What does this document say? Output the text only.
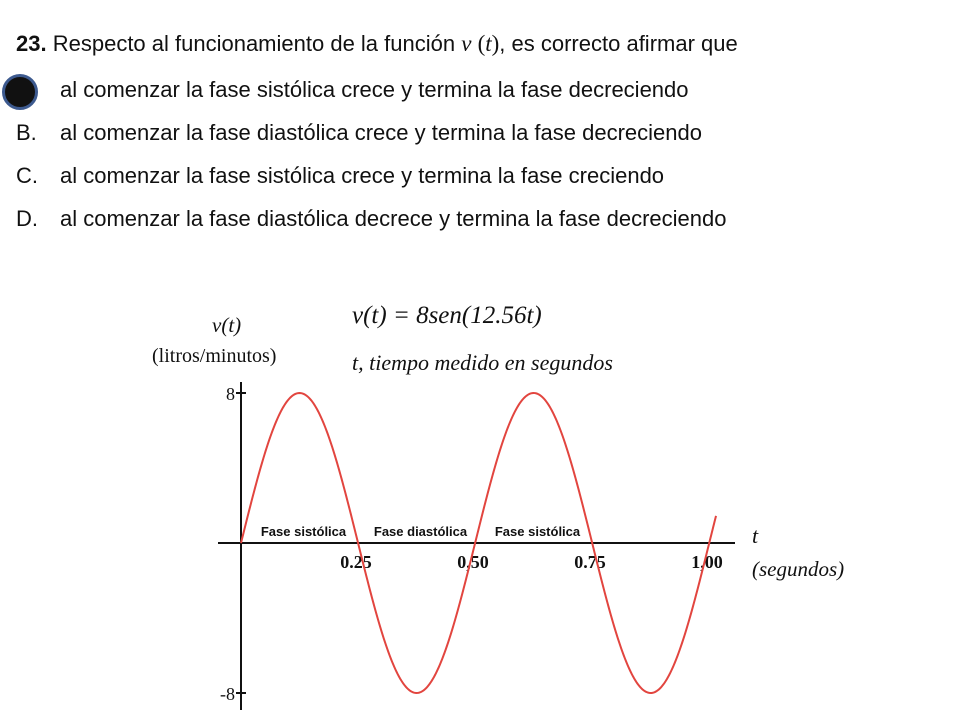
23. Respecto al funcionamiento de la función v (t), es correcto afirmar que
al comenzar la fase sistólica crece y termina la fase decreciendo
B. al comenzar la fase diastólica crece y termina la fase decreciendo
C. al comenzar la fase sistólica crece y termina la fase creciendo
D. al comenzar la fase diastólica decrece y termina la fase decreciendo
8
-8
0.25	0,50	0.75	1,00
Fase sistólica Fase diastólica Fase sistólica
v(t)
(litros/minutos)
t
(segundos)
v(t) = 8sen(12.56t)
t, tiempo medido en segundos
